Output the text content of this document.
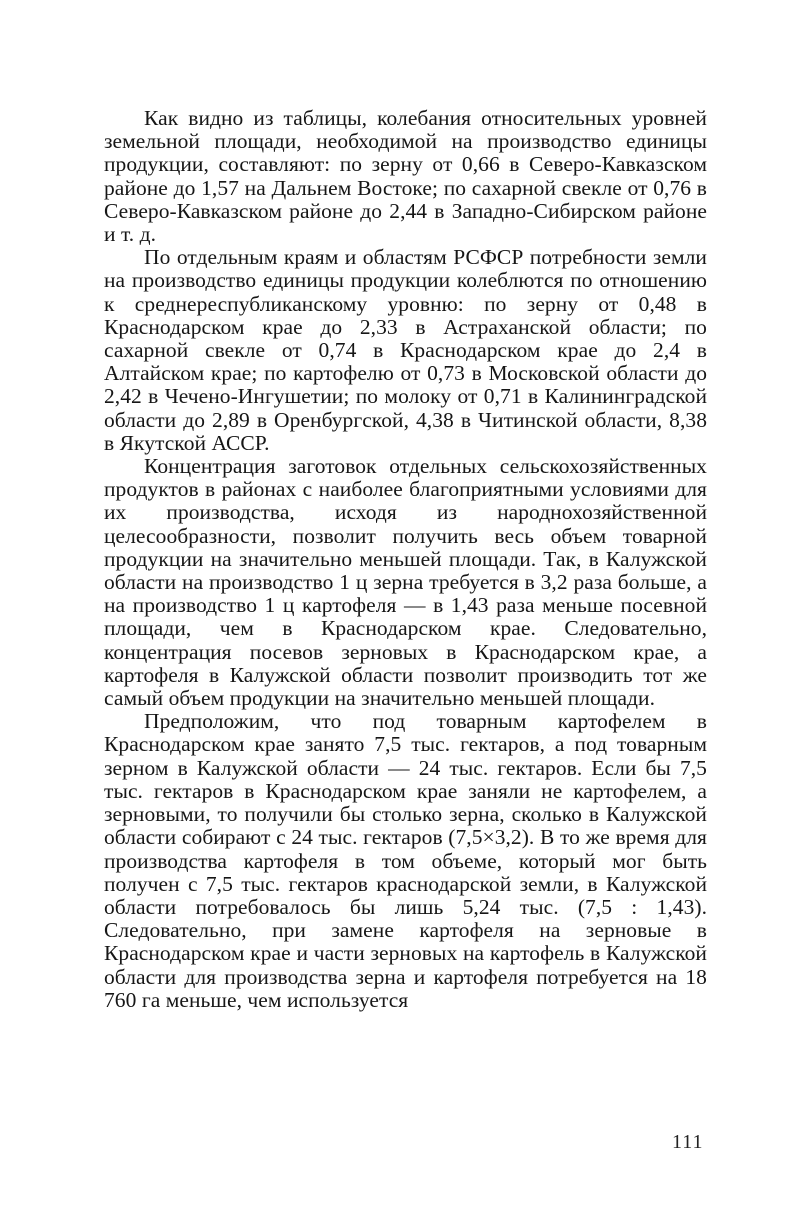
Как видно из таблицы, колебания относительных уровней земельной площади, необходимой на производство единицы продукции, составляют: по зерну от 0,66 в Северо-Кавказском районе до 1,57 на Дальнем Востоке; по сахарной свекле от 0,76 в Северо-Кавказском районе до 2,44 в Западно-Сибирском районе и т. д.

По отдельным краям и областям РСФСР потребности земли на производство единицы продукции колеблются по отношению к среднереспубликанскому уровню: по зерну от 0,48 в Краснодарском крае до 2,33 в Астраханской области; по сахарной свекле от 0,74 в Краснодарском крае до 2,4 в Алтайском крае; по картофелю от 0,73 в Московской области до 2,42 в Чечено-Ингушетии; по молоку от 0,71 в Калининградской области до 2,89 в Оренбургской, 4,38 в Читинской области, 8,38 в Якутской АССР.

Концентрация заготовок отдельных сельскохозяйственных продуктов в районах с наиболее благоприятными условиями для их производства, исходя из народнохозяйственной целесообразности, позволит получить весь объем товарной продукции на значительно меньшей площади. Так, в Калужской области на производство 1 ц зерна требуется в 3,2 раза больше, а на производство 1 ц картофеля — в 1,43 раза меньше посевной площади, чем в Краснодарском крае. Следовательно, концентрация посевов зерновых в Краснодарском крае, а картофеля в Калужской области позволит производить тот же самый объем продукции на значительно меньшей площади.

Предположим, что под товарным картофелем в Краснодарском крае занято 7,5 тыс. гектаров, а под товарным зерном в Калужской области — 24 тыс. гектаров. Если бы 7,5 тыс. гектаров в Краснодарском крае заняли не картофелем, а зерновыми, то получили бы столько зерна, сколько в Калужской области собирают с 24 тыс. гектаров (7,5×3,2). В то же время для производства картофеля в том объеме, который мог быть получен с 7,5 тыс. гектаров краснодарской земли, в Калужской области потребовалось бы лишь 5,24 тыс. (7,5 : 1,43). Следовательно, при замене картофеля на зерновые в Краснодарском крае и части зерновых на картофель в Калужской области для производства зерна и картофеля потребуется на 18 760 га меньше, чем используется

111
